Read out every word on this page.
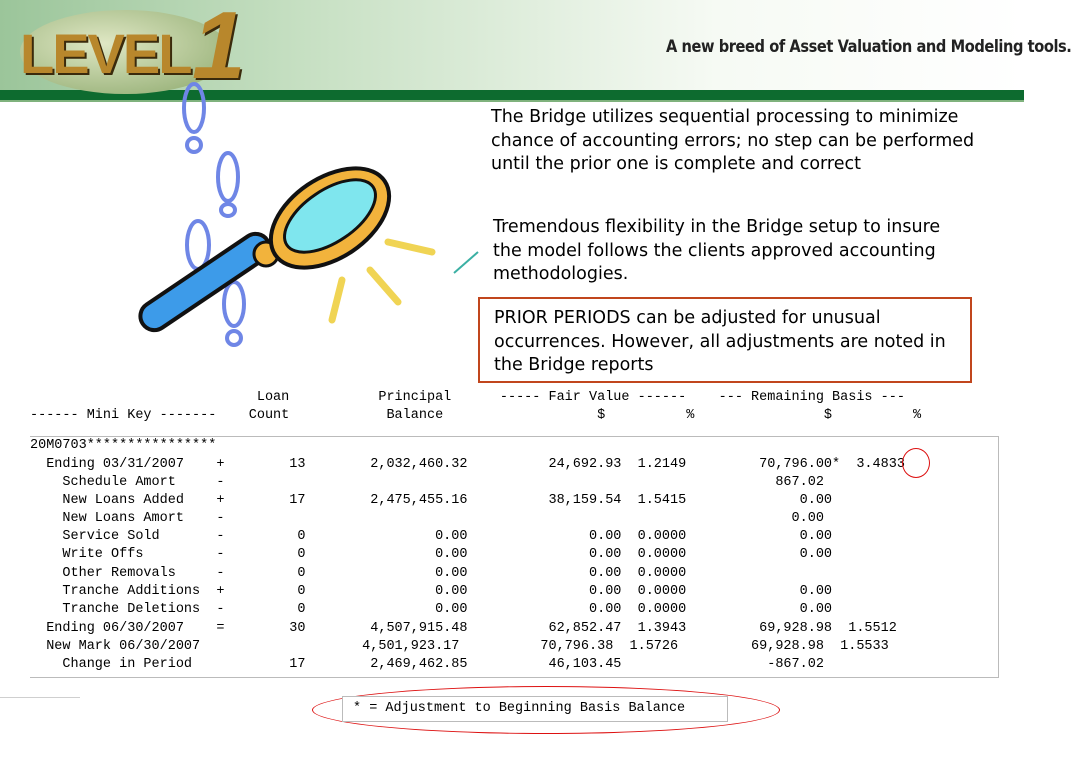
LEVEL 1	A new breed of Asset Valuation and Modeling tools.
The Bridge utilizes sequential processing to minimize chance of accounting errors; no step can be performed until the prior one is complete and correct
Tremendous flexibility in the Bridge setup to insure the model follows the clients approved accounting methodologies.
PRIOR PERIODS can be adjusted for unusual occurrences. However, all adjustments are noted in the Bridge reports
Loan           Principal      ----- Fair Value ------    --- Remaining Basis ---
------ Mini Key -------    Count            Balance                   $          %                $          %
20M0703****************
Ending 03/31/2007    +        13        2,032,460.32          24,692.93  1.2149         70,796.00*  3.4833
Schedule Amort     -                                                                    867.02
New Loans Added    +        17        2,475,455.16          38,159.54  1.5415              0.00
New Loans Amort    -                                                                      0.00
Service Sold       -         0                0.00               0.00  0.0000              0.00
Write Offs         -         0                0.00               0.00  0.0000              0.00
Other Removals     -         0                0.00               0.00  0.0000
Tranche Additions  +         0                0.00               0.00  0.0000              0.00
Tranche Deletions  -         0                0.00               0.00  0.0000              0.00
Ending 06/30/2007    =        30        4,507,915.48          62,852.47  1.3943         69,928.98  1.5512
New Mark 06/30/2007                    4,501,923.17          70,796.38  1.5726         69,928.98  1.5533
Change in Period            17        2,469,462.85          46,103.45                  -867.02
* = Adjustment to Beginning Basis Balance
